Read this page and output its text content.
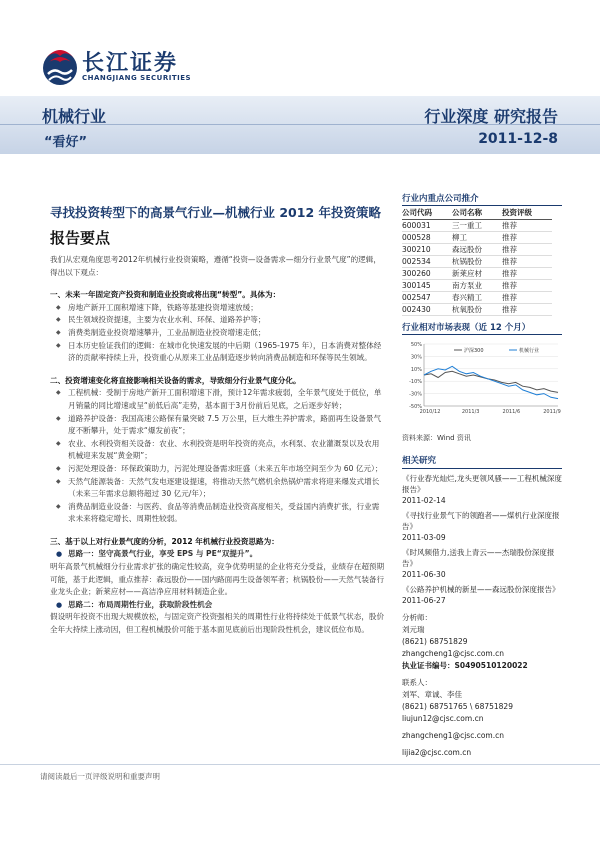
长江证券
CHANGJIANG SECURITIES
机械行业
“看好”
行业深度 研究报告
2011-12-8
寻找投资转型下的高景气行业—机械行业 2012 年投资策略
报告要点

我们从宏观角度思考2012年机械行业投资策略，遵循“投资—设备需求—细分行业景气度”的逻辑，得出以下观点：

一、未来一年固定资产投资和制造业投资或将出现“转型”。具体为：

◆ 房地产新开工面积增速下降，铁路等基建投资增速放缓；

◆ 民生领域投资提速，主要为农业水利、环保、道路养护等；

◆ 消费类制造业投资增速攀升，工业品制造业投资增速走低；

◆ 日本历史验证我们的逻辑：在城市化快速发展的中后期（1965-1975 年），日本消费对整体经济的贡献率持续上升，投资重心从原来工业品制造逐步转向消费品制造和环保等民生领域。

二、投资增速变化将直接影响相关设备的需求，导致细分行业景气度分化。

◆ 工程机械：受制于房地产新开工面积增速下滑，预计12年需求疲弱，全年景气度处于低位，单月销量的同比增速或呈“前低后高”走势，基本面于3月份前后见底，之后逐步好转；

◆ 道路养护设备：我国高速公路保有量突破 7.5 万公里，巨大维生养护需求，路面再生设备景气度不断攀升，处于需求“爆发前夜”；

◆ 农业、水利投资相关设备：农业、水利投资是明年投资的亮点，水利泵、农业灌溉泵以及农用机械迎来发展“黄金期”；

◆ 污泥处理设备：环保政策助力，污泥处理设备需求旺盛（未来五年市场空间至少为 60 亿元）；

◆ 天然气能源装备：天然气发电逐建设提速，将推动天然气燃机余热锅炉需求将迎来爆发式增长（未来三年需求总额将超过 30 亿元/年）；

◆ 消费品制造业设备：与医药、食品等消费品制造业投资高度相关，受益国内消费扩张，行业需求未来将稳定增长、周期性较弱。

三、基于以上对行业景气度的分析，2012 年机械行业投资思路为：

● 思路一：坚守高景气行业，享受 EPS 与 PE“双提升”。

明年高景气机械细分行业需求扩张的确定性较高，竞争优势明显的企业将充分受益，业绩存在超预期可能，基于此逻辑，重点推荐：森远股份——国内路面再生设备领军者；杭锅股份——天然气装备行业龙头企业；新莱应材——高洁净应用材料制造企业。

● 思路二：布局周期性行业，获取阶段性机会

假设明年投资不出现大规模放松，与固定资产投资强相关的周期性行业将持续处于低景气状态，股价全年大持续上涨动因，但工程机械股价可能于基本面见底前后出现阶段性机会，建议低位布局。

行业内重点公司推介
公司代码	公司名称	投资评级
600031	三一重工	推荐
000528	柳工	推荐
300210	森远股份	推荐
002534	杭锅股份	推荐
300260	新莱应材	推荐
300145	南方泵业	推荐
002547	春兴精工	推荐
002430	杭氧股份	推荐
行业相对市场表现（近 12 个月）
50%
30%
10%
-10%
-30%
-50%
2010/12	2011/3	2011/6	2011/9
沪深300	机械行业
资料来源：Wind 资讯
相关研究
《行业春光灿烂,龙头更领风骚——工程机械深度报告》
2011-02-14
《寻找行业景气下的领跑者——煤机行业深度报告》
2011-03-09
《时风频借力,送我上青云——杰瑞股份深度报告》
2011-06-30
《公路养护机械的新星——森远股份深度报告》
2011-06-27
分析师：
刘元瑞
(8621) 68751829
zhangcheng1@cjsc.com.cn
执业证书编号：S0490510120022
联系人：
刘军、章诚、李佳
(8621) 68751765 \ 68751829
liujun12@cjsc.com.cn
zhangcheng1@cjsc.com.cn
lijia2@cjsc.com.cn
请阅读最后一页评级说明和重要声明
